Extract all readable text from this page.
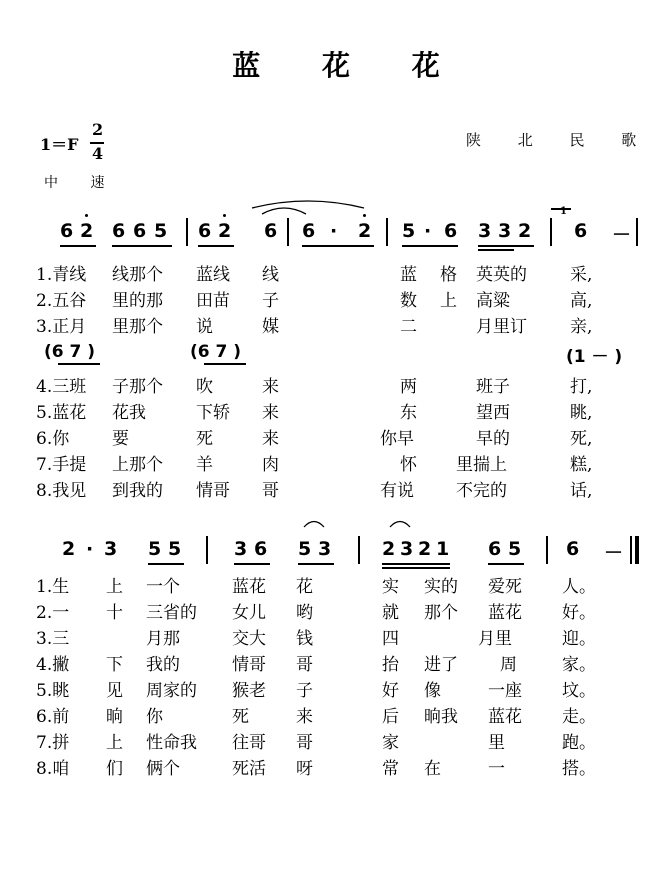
蓝 花 花
1＝F
2
4
中 速
陕 北 民 歌
6 2 6 6 5 6 2 6 6 · 2 5 · 6 3 3 2
1
6 －
1.青线 线那个 蓝线 线	蓝 格 英英的	采,
2.五谷 里的那 田苗 子	数 上 高粱	高,
3.正月 里那个 说	媒	二	月里订	亲,
(6 7 )	(6 7 )	(1 － )
4.三班 子那个 吹	来	两	班子	打,
5.蓝花 花我	下轿 来	东	望西	眺,
6.你	要	死	来	你早	早的	死,
7.手提 上那个 羊	肉	怀 里揣上	糕,
8.我见 到我的 情哥 哥	有说 不完的	话,
2 · 3 5 5	3 6 5 3	2 3 2 1 6 5 6 －
1.生 上 一个	蓝花 花	实 实的 爱死 人。
2.一 十 三省的 女儿 哟	就 那个 蓝花 好。
3.三	月那	交大 钱	四	月里	迎。
4.撇 下 我的	情哥 哥	抬 进了 周	家。
5.眺 见 周家的 猴老 子	好 像	一座 坟。
6.前 晌 你	死	来	后 晌我 蓝花 走。
7.拼 上 性命我 往哥 哥	家	里	跑。
8.咱 们 俩个	死活 呀	常 在	一	搭。
